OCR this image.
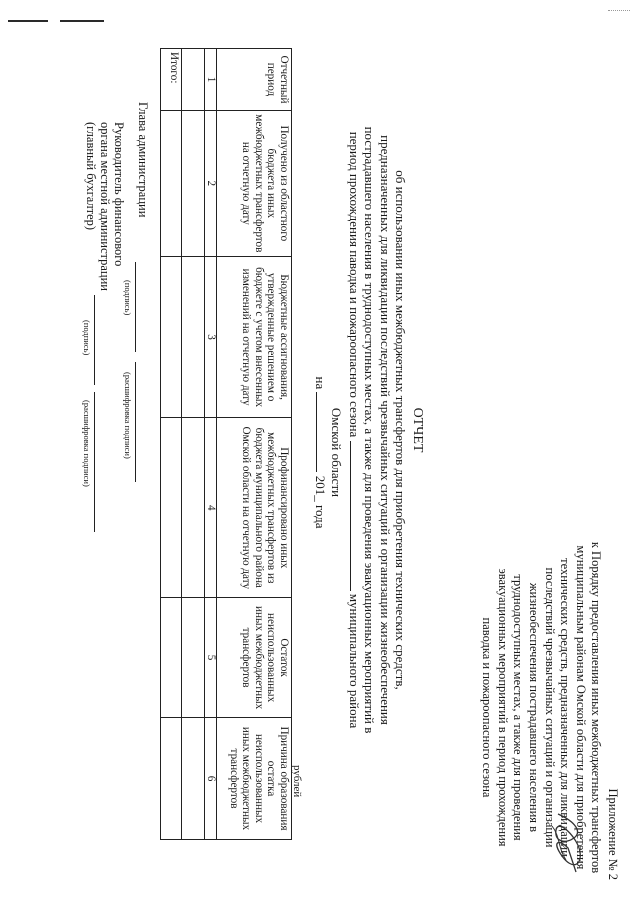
Приложение № 2
к Порядку предоставления иных межбюджетных трансфертов
муниципальным районам Омской области для приобретения
технических средств, предназначенных для ликвидации
последствий чрезвычайных ситуаций и организации
жизнеобеспечения пострадавшего населения в
труднодоступных местах, а также для проведения
эвакуационных мероприятий в период прохождения
паводка и пожароопасного сезона
ОТЧЕТ
об использовании иных межбюджетных трансфертов для приобретения технических средств,
предназначенных для ликвидации последствий чрезвычайных ситуаций и организации жизнеобеспечения
пострадавшего населения в труднодоступных местах, а также для проведения эвакуационных мероприятий в
период прохождения паводка и пожароопасного сезона  муниципального района
Омской области
на  201_ года
рублей
Отчетный период	Получено из областного бюджета иных межбюджетных трансфертов на отчетную дату	Бюджетные ассигнования, утвержденные решением о бюджете с учетом внесенных изменений на отчетную дату	Профинансировано иных межбюджетных трансфертов из бюджета муниципального района Омской области на отчетную дату	Остаток неиспользованных иных межбюджетных трансфертов	Причина образования остатка неиспользованных иных межбюджетных трансфертов
1	2	3	4	5	6

Итого:					
Глава администрации
(подпись)
(расшифровка подписи)
Руководитель финансового
органа местной администрации
(главный бухгалтер)
(подпись)
(расшифровка подписи)
